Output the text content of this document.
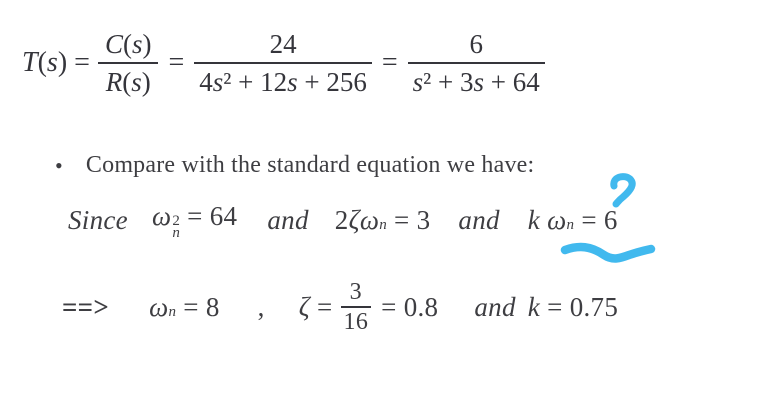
$T(s) = \frac{C(s)}{R(s)} = \frac{24}{\text{4s² + 12s + 256}} = \frac{6}{\text{s² + 3s + 64}}$
• Compare with the standard equation we have:
Since ω 2
n
= 64 and 2ζ ω n = 3 and k
ω n = 6
==> ω n = 8 , $\zeta = \frac{3}{16} = 0.8$ and k = 0.75
